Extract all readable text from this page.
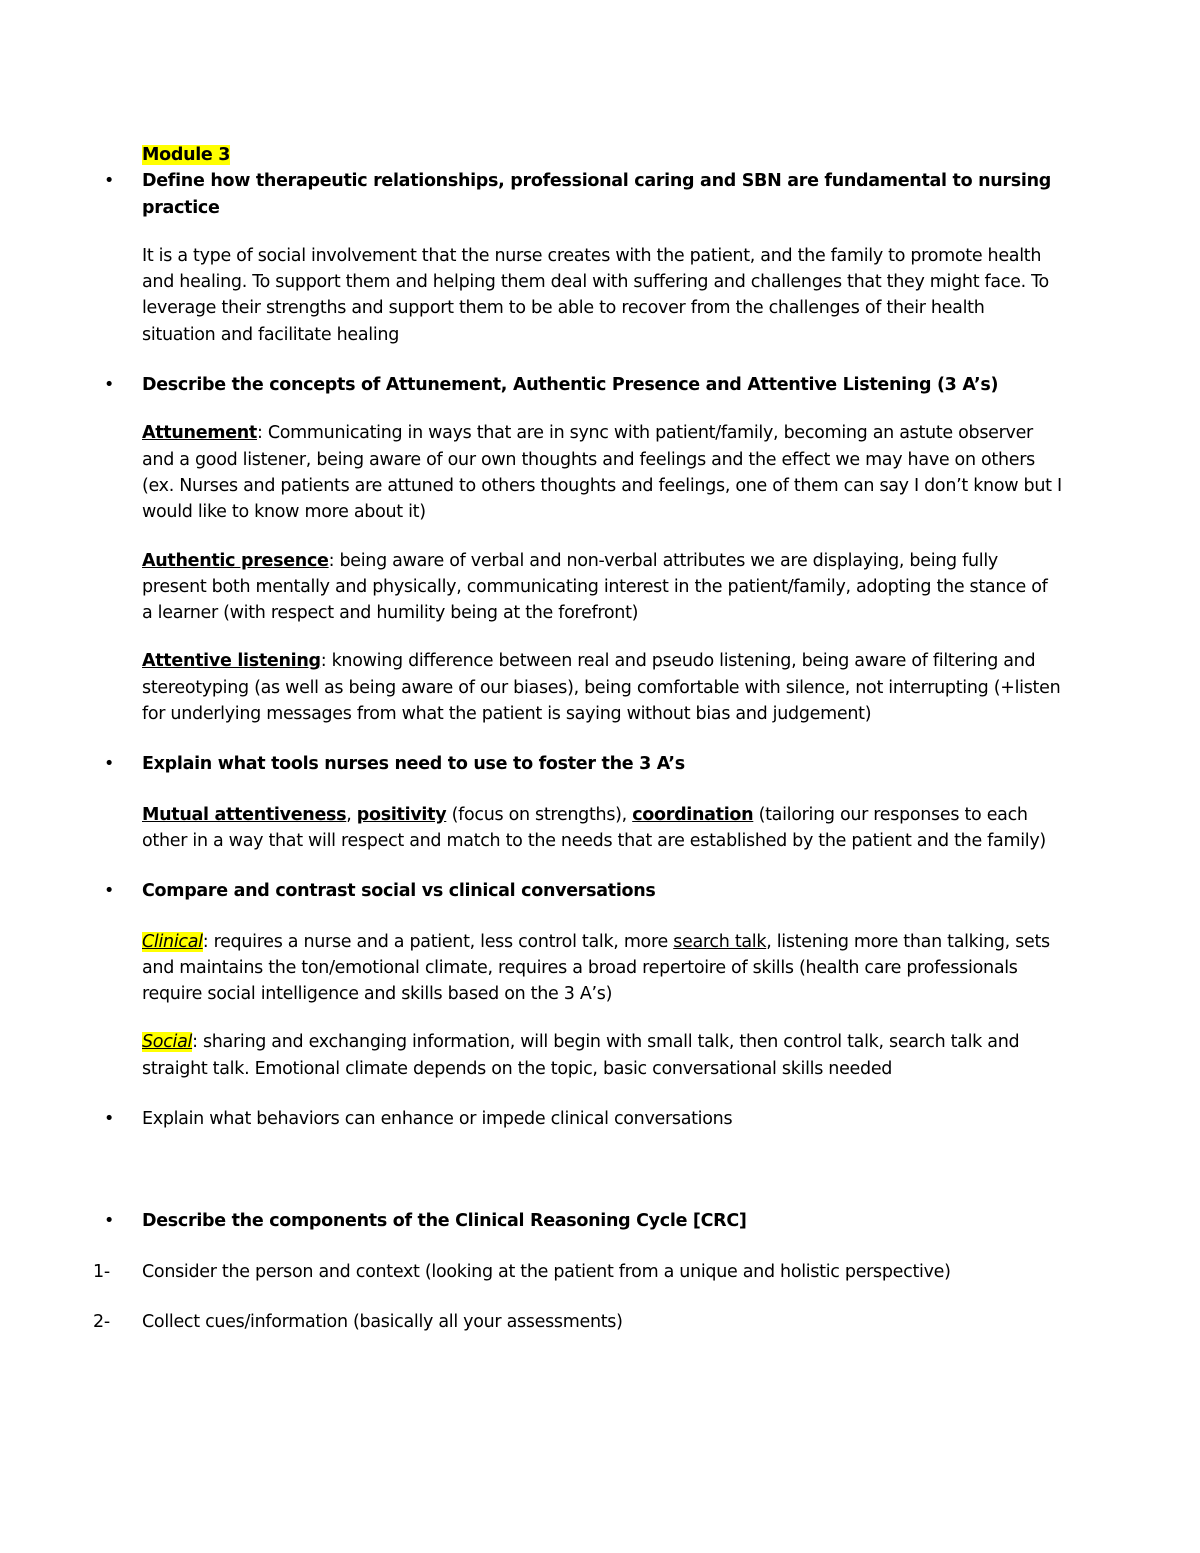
Module 3

• Define how therapeutic relationships, professional caring and SBN are fundamental to nursing practice

It is a type of social involvement that the nurse creates with the patient, and the family to promote health and healing. To support them and helping them deal with suffering and challenges that they might face. To leverage their strengths and support them to be able to recover from the challenges of their health situation and facilitate healing

• Describe the concepts of Attunement, Authentic Presence and Attentive Listening (3 A’s)

Attunement: Communicating in ways that are in sync with patient/family, becoming an astute observer and a good listener, being aware of our own thoughts and feelings and the effect we may have on others (ex. Nurses and patients are attuned to others thoughts and feelings, one of them can say I don’t know but I would like to know more about it)

Authentic presence: being aware of verbal and non-verbal attributes we are displaying, being fully present both mentally and physically, communicating interest in the patient/family, adopting the stance of a learner (with respect and humility being at the forefront)

Attentive listening: knowing difference between real and pseudo listening, being aware of filtering and stereotyping (as well as being aware of our biases), being comfortable with silence, not interrupting (+listen for underlying messages from what the patient is saying without bias and judgement)

• Explain what tools nurses need to use to foster the 3 A’s

Mutual attentiveness, positivity (focus on strengths), coordination (tailoring our responses to each other in a way that will respect and match to the needs that are established by the patient and the family)

• Compare and contrast social vs clinical conversations

Clinical: requires a nurse and a patient, less control talk, more search talk, listening more than talking, sets and maintains the ton/emotional climate, requires a broad repertoire of skills (health care professionals require social intelligence and skills based on the 3 A’s)

Social: sharing and exchanging information, will begin with small talk, then control talk, search talk and straight talk. Emotional climate depends on the topic, basic conversational skills needed

• Explain what behaviors can enhance or impede clinical conversations

• Describe the components of the Clinical Reasoning Cycle [CRC]

1-	Consider the person and context (looking at the patient from a unique and holistic perspective)

2-	Collect cues/information (basically all your assessments)
